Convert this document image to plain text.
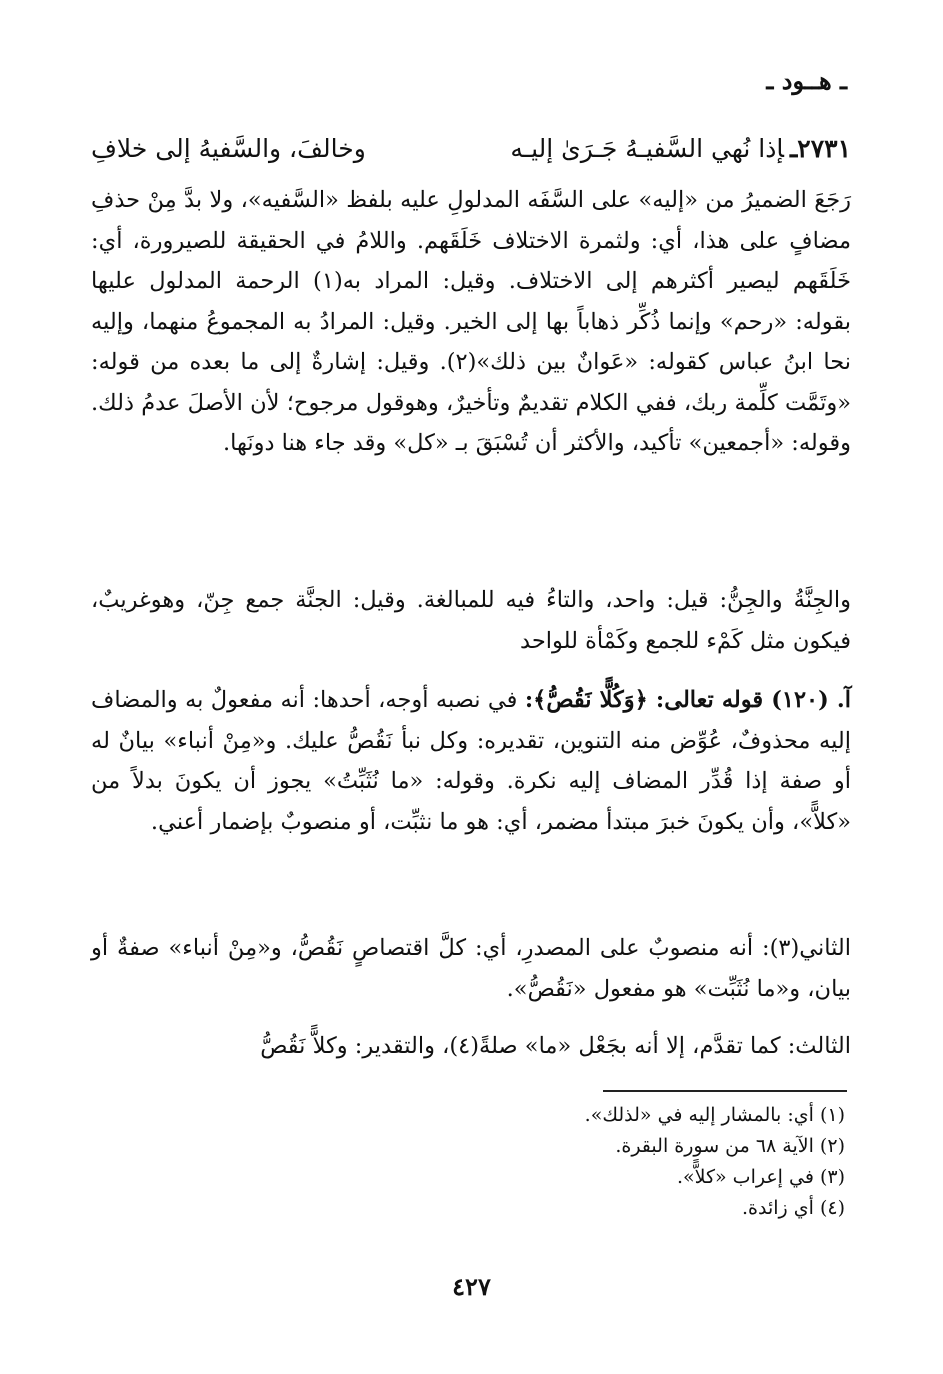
ـ هــود ـ
٢٧٣١ـإذا نُهي السَّفيـهُ جَـرَىٰ إليـه
وخالفَ، والسَّفيهُ إلى خلافِ

رَجَعَ الضميرُ من «إليه» على السَّفَه المدلولِ عليه بلفظ «السَّفيه»، ولا بدَّ مِنْ حذفِ مضافٍ على هذا، أي: ولثمرة الاختلاف خَلَقَهم. واللامُ في الحقيقة للصيرورة، أي: خَلَقَهم ليصير أكثرهم إلى الاختلاف. وقيل: المراد به(١) الرحمة المدلول عليها بقوله: «رحم» وإنما ذُكِّر ذهاباً بها إلى الخير. وقيل: المرادُ به المجموعُ منهما، وإليه نحا ابنُ عباس كقوله: «عَوانٌ بين ذلك»(٢). وقيل: إشارةٌ إلى ما بعده من قوله: «وتَمَّت كلِّمة ربك، ففي الكلام تقديمٌ وتأخيرٌ، وهوقول مرجوح؛ لأن الأصلَ عدمُ ذلك. وقوله: «أجمعين» تأكيد، والأكثر أن تُسْبَقَ بـ «كل» وقد جاء هنا دونَها.

والجِنَّةُ والجِنُّ: قيل: واحد، والتاءُ فيه للمبالغة. وقيل: الجنَّة جمع جِنّ، وهوغريبٌ، فيكون مثل كَمْء للجمع وكَمْأة للواحد

آ. (١٢٠) قوله تعالى: ﴿وَكُلًّا نَقُصُّ﴾: في نصبه أوجه، أحدها: أنه مفعولٌ به والمضاف إليه محذوفٌ، عُوِّض منه التنوين، تقديره: وكل نبأ نَقُصُّ عليك. و«مِنْ أنباء» بيانٌ له أو صفة إذا قُدِّر المضاف إليه نكرة. وقوله: «ما نُثَبِّتُ» يجوز أن يكونَ بدلاً من «كلاًّ»، وأن يكونَ خبرَ مبتدأ مضمر، أي: هو ما نثبِّت، أو منصوبٌ بإضمار أعني.

الثاني(٣): أنه منصوبٌ على المصدرِ، أي: كلَّ اقتصاصٍ نَقُصُّ، و«مِنْ أنباء» صفةٌ أو بيان، و«ما نُثَبِّت» هو مفعول «نَقُصُّ».

الثالث: كما تقدَّم، إلا أنه بجَعْل «ما» صلةً(٤)، والتقدير: وكلاًّ نَقُصُّ

(١) أي: بالمشار إليه في «لذلك».

(٢) الآية ٦٨ من سورة البقرة.

(٣) في إعراب «كلاًّ».

(٤) أي زائدة.

٤٢٧
